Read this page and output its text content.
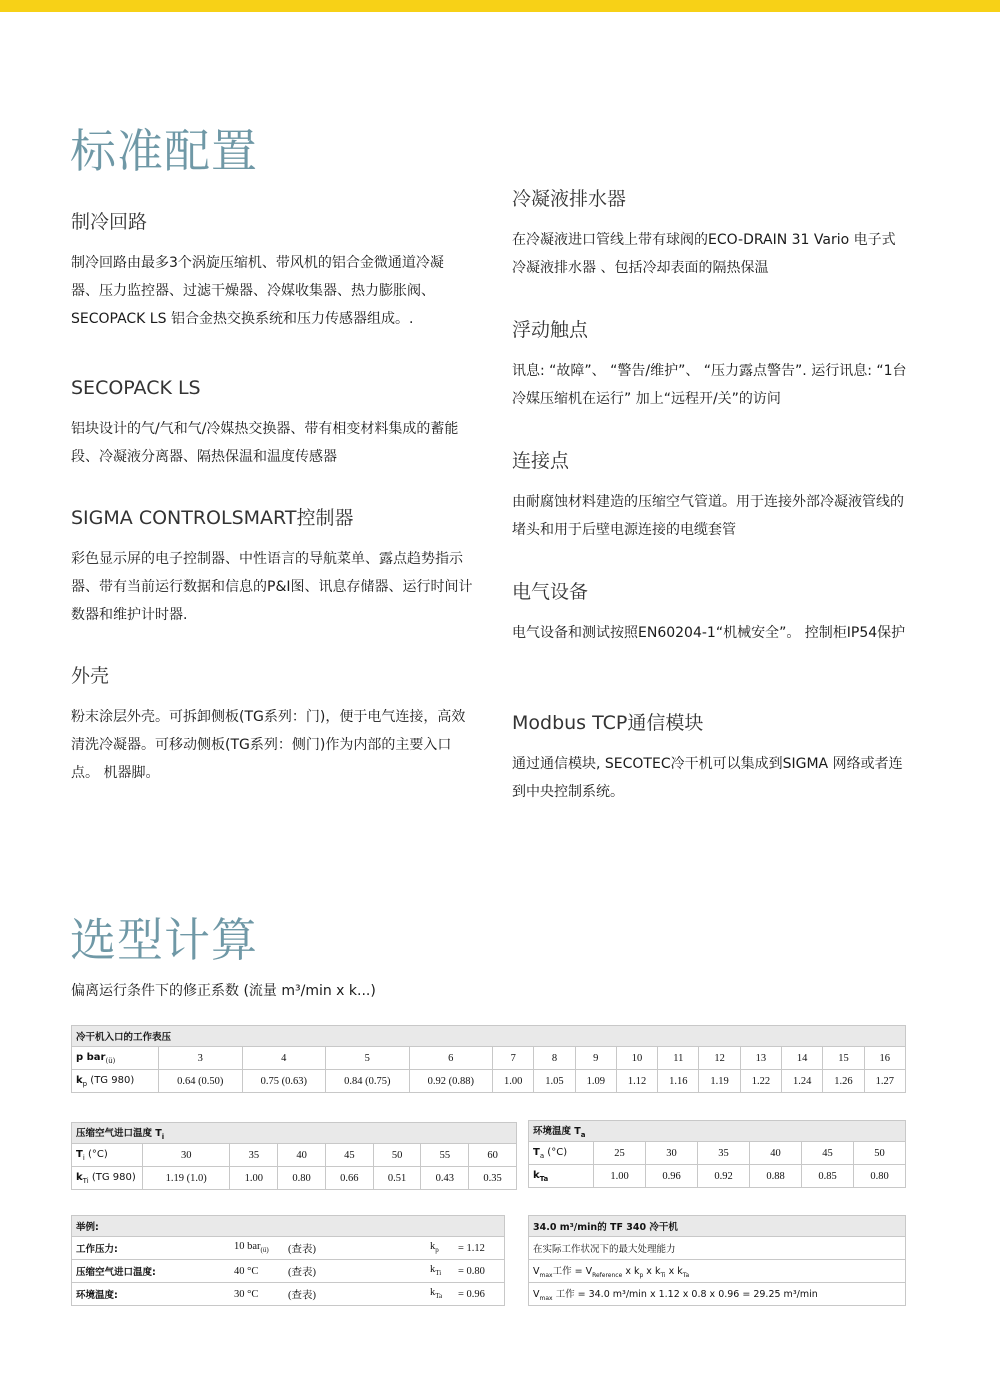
标准配置
制冷回路

制冷回路由最多3个涡旋压缩机、带风机的铝合金微通道冷凝器、压力监控器、过滤干燥器、冷媒收集器、热力膨胀阀、SECOPACK LS 铝合金热交换系统和压力传感器组成。.

SECOPACK LS

铝块设计的气/气和气/冷媒热交换器、带有相变材料集成的蓄能段、冷凝液分离器、隔热保温和温度传感器

SIGMA CONTROLSMART控制器

彩色显示屏的电子控制器、中性语言的导航菜单、露点趋势指示器、带有当前运行数据和信息的P&I图、讯息存储器、运行时间计数器和维护计时器.

外壳

粉末涂层外壳。可拆卸侧板(TG系列：门)，便于电气连接，高效清洗冷凝器。可移动侧板(TG系列：侧门)作为内部的主要入口点。 机器脚。

冷凝液排水器

在冷凝液进口管线上带有球阀的ECO-DRAIN 31 Vario 电子式冷凝液排水器 、包括冷却表面的隔热保温

浮动触点

讯息: “故障”、 “警告/维护”、 “压力露点警告”. 运行讯息: “1台冷媒压缩机在运行” 加上“远程开/关”的访问

连接点

由耐腐蚀材料建造的压缩空气管道。用于连接外部冷凝液管线的堵头和用于后壁电源连接的电缆套管

电气设备

电气设备和测试按照EN60204-1“机械安全”。 控制柜IP54保护

Modbus TCP通信模块

通过通信模块, SECOTEC冷干机可以集成到SIGMA 网络或者连到中央控制系统。

选型计算
偏离运行条件下的修正系数 (流量 m³/min x k...)
冷干机入口的工作表压														
p bar$_{(ü)}$	3	4	5	6	7	8	9	10	11	12	13	14	15	16
$k_p$ (TG 980)	0.64 (0.50)	0.75 (0.63)	0.84 (0.75)	0.92 (0.88)	1.00	1.05	1.09	1.12	1.16	1.19	1.22	1.24	1.26	1.27
压缩空气进口温度 $T_i$
$T_i$ (°C)	30	35	40	45	50	55	60
$k_{Ti}$ (TG 980)	1.19 (1.0)	1.00	0.80	0.66	0.51	0.43	0.35
环境温度 $T_a$
$T_a$ (°C)	25	30	35	40	45	50
$k_{Ta}$	1.00	0.96	0.92	0.88	0.85	0.80
举例:				
工作压力:	10 bar$_{(ü)}$	(查表)	$k_p$	= 1.12
压缩空气进口温度:	40 °C	(查表)	$k_{Ti}$	= 0.80
环境温度:	30 °C	(查表)	$k_{Ta}$	= 0.96
34.0 m³/min的 TF 340 冷干机
在实际工作状况下的最大处理能力
$V_{max}$工作 = $V_{Reference}$ x $k_p$ x $k_{Ti}$ x $k_{Ta}$
$V_{max}$ 工作 = 34.0 m³/min x 1.12 x 0.8 x 0.96 = 29.25 m³/min
